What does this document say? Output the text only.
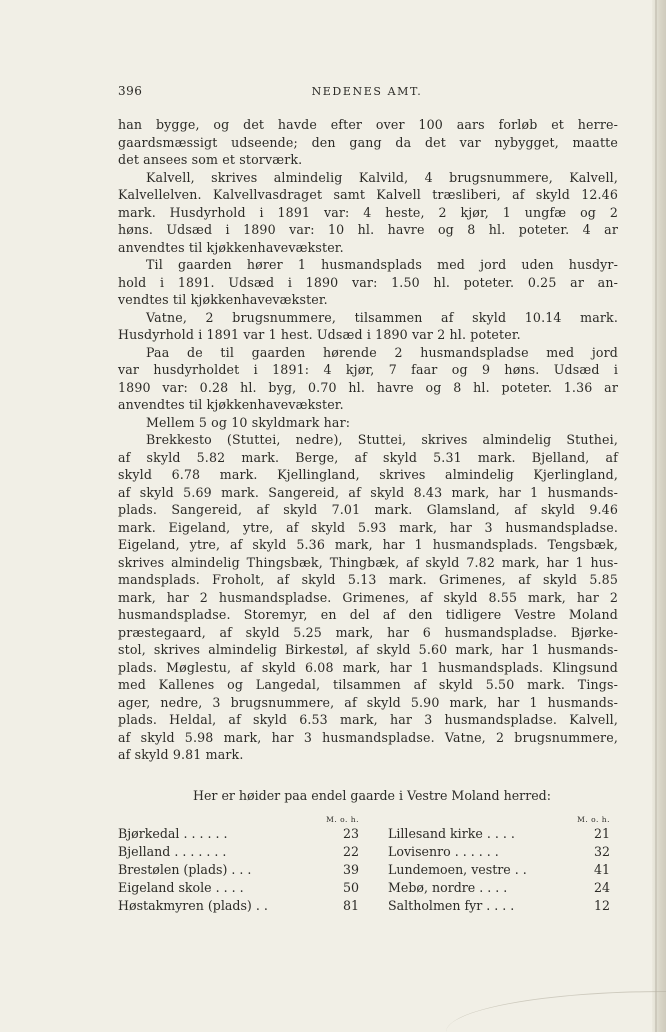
396	NEDENES AMT.
han bygge, og det havde efter over 100 aars forløb et herre-
gaardsmæssigt udseende; den gang da det var nybygget, maatte
det ansees som et storværk.
Kalvell, skrives almindelig Kalvild, 4 brugsnummere, Kalvell,
Kalvellelven. Kalvellvasdraget samt Kalvell træsliberi, af skyld 12.46
mark. Husdyrhold i 1891 var: 4 heste, 2 kjør, 1 ungfæ og 2
høns. Udsæd i 1890 var: 10 hl. havre og 8 hl. poteter. 4 ar
anvendtes til kjøkkenhavevækster.
Til gaarden hører 1 husmandsplads med jord uden husdyr-
hold i 1891. Udsæd i 1890 var: 1.50 hl. poteter. 0.25 ar an-
vendtes til kjøkkenhavevækster.
Vatne, 2 brugsnummere, tilsammen af skyld 10.14 mark.
Husdyrhold i 1891 var 1 hest. Udsæd i 1890 var 2 hl. poteter.
Paa de til gaarden hørende 2 husmandspladse med jord
var husdyrholdet i 1891: 4 kjør, 7 faar og 9 høns. Udsæd i
1890 var: 0.28 hl. byg, 0.70 hl. havre og 8 hl. poteter. 1.36 ar
anvendtes til kjøkkenhavevækster.
Mellem 5 og 10 skyldmark har:
Brekkesto (Stuttei, nedre), Stuttei, skrives almindelig Stuthei,
af skyld 5.82 mark. Berge, af skyld 5.31 mark. Bjelland, af
skyld 6.78 mark. Kjellingland, skrives almindelig Kjerlingland,
af skyld 5.69 mark. Sangereid, af skyld 8.43 mark, har 1 husmands-
plads. Sangereid, af skyld 7.01 mark. Glamsland, af skyld 9.46
mark. Eigeland, ytre, af skyld 5.93 mark, har 3 husmandspladse.
Eigeland, ytre, af skyld 5.36 mark, har 1 husmandsplads. Tengsbæk,
skrives almindelig Thingsbæk, Thingbæk, af skyld 7.82 mark, har 1 hus-
mandsplads. Froholt, af skyld 5.13 mark. Grimenes, af skyld 5.85
mark, har 2 husmandspladse. Grimenes, af skyld 8.55 mark, har 2
husmandspladse. Storemyr, en del af den tidligere Vestre Moland
præstegaard, af skyld 5.25 mark, har 6 husmandspladse. Bjørke-
stol, skrives almindelig Birkestøl, af skyld 5.60 mark, har 1 husmands-
plads. Møglestu, af skyld 6.08 mark, har 1 husmandsplads. Klingsund
med Kallenes og Langedal, tilsammen af skyld 5.50 mark. Tings-
ager, nedre, 3 brugsnummere, af skyld 5.90 mark, har 1 husmands-
plads. Heldal, af skyld 6.53 mark, har 3 husmandspladse. Kalvell,
af skyld 5.98 mark, har 3 husmandspladse. Vatne, 2 brugsnummere,
af skyld 9.81 mark.
Her er høider paa endel gaarde i Vestre Moland herred:
M. o. h.
Bjørkedal . . . . . .	23
Bjelland . . . . . . .	22
Brestølen (plads) . . .	39
Eigeland skole . . . .	50
Høstakmyren (plads) . .	81
M. o. h.
Lillesand kirke . . . .	21
Lovisenro . . . . . .	32
Lundemoen, vestre . .	41
Mebø, nordre . . . .	24
Saltholmen fyr . . . .	12
